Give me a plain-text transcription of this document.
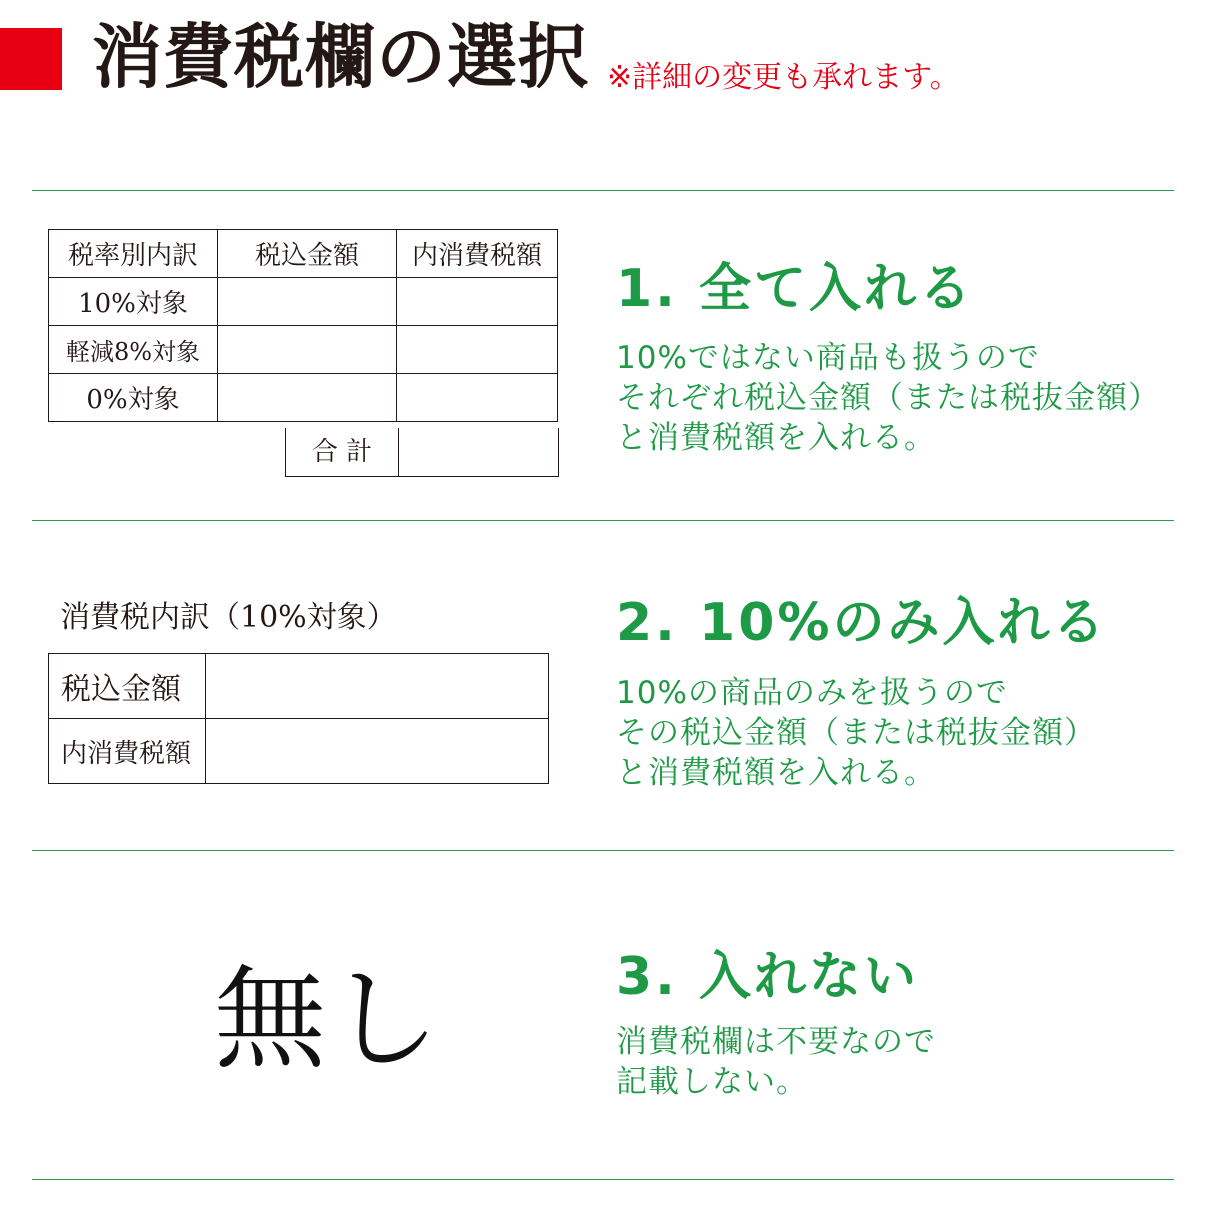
消費税欄の選択 ※詳細の変更も承れます。
税率別内訳	税込金額	内消費税額
10%対象		
軽減8%対象		
0%対象		
合 計
1. 全て入れる
10%ではない商品も扱うので
それぞれ税込金額（または税抜金額）
と消費税額を入れる。
消費税内訳（10%対象）
税込金額	
内消費税額	
2. 10%のみ入れる
10%の商品のみを扱うので
その税込金額（または税抜金額）
と消費税額を入れる。
無し	3. 入れない
消費税欄は不要なので
記載しない。
